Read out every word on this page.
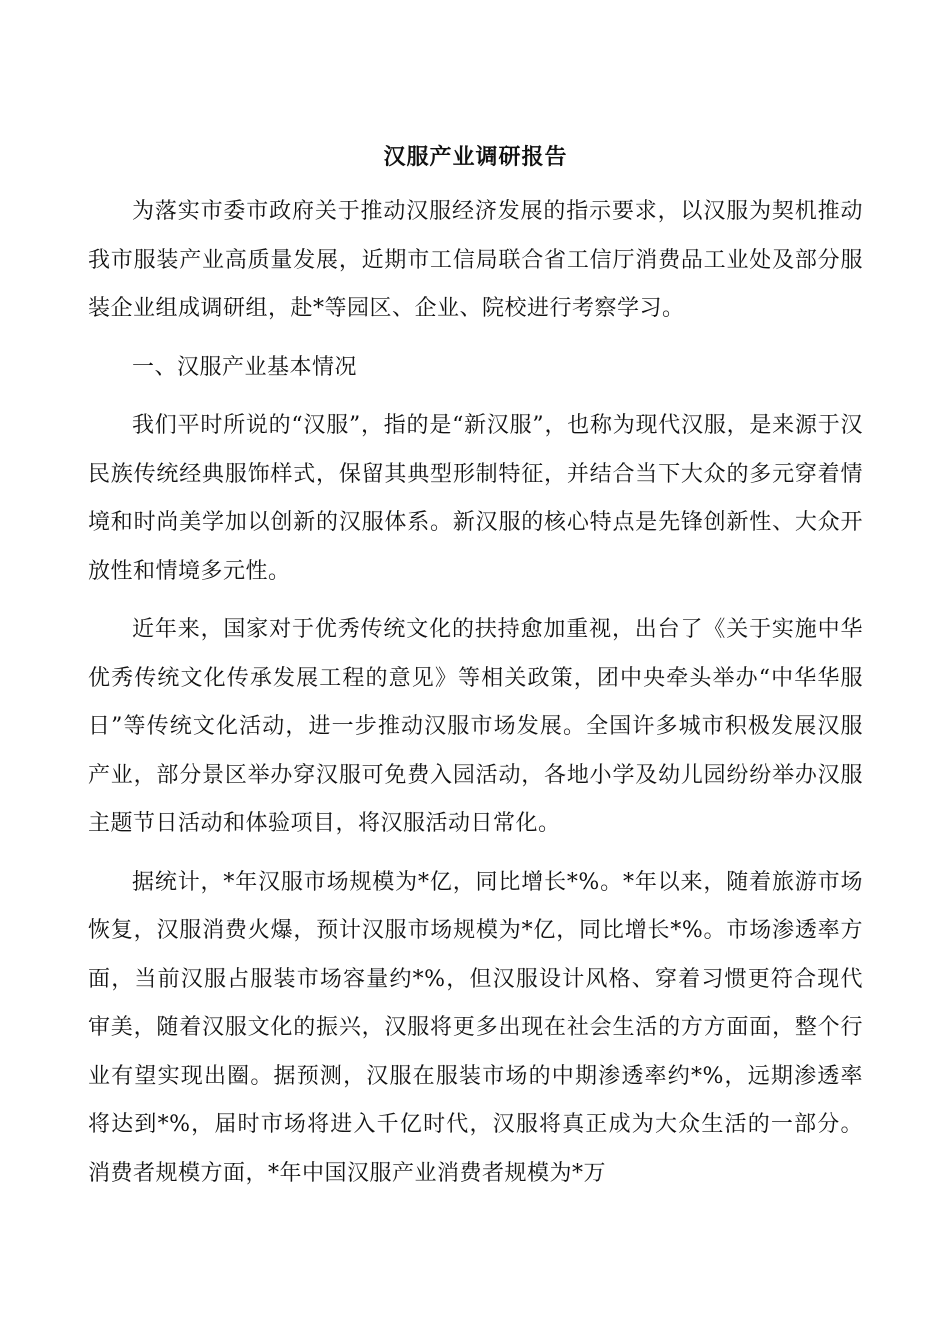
汉服产业调研报告

为落实市委市政府关于推动汉服经济发展的指示要求，以汉服为契机推动我市服装产业高质量发展，近期市工信局联合省工信厅消费品工业处及部分服装企业组成调研组，赴*等园区、企业、院校进行考察学习。

一、汉服产业基本情况

我们平时所说的“汉服”，指的是“新汉服”，也称为现代汉服，是来源于汉民族传统经典服饰样式，保留其典型形制特征，并结合当下大众的多元穿着情境和时尚美学加以创新的汉服体系。新汉服的核心特点是先锋创新性、大众开放性和情境多元性。

近年来，国家对于优秀传统文化的扶持愈加重视，出台了《关于实施中华优秀传统文化传承发展工程的意见》等相关政策，团中央牵头举办“中华华服日”等传统文化活动，进一步推动汉服市场发展。全国许多城市积极发展汉服产业，部分景区举办穿汉服可免费入园活动，各地小学及幼儿园纷纷举办汉服主题节日活动和体验项目，将汉服活动日常化。

据统计，*年汉服市场规模为*亿，同比增长*%。*年以来，随着旅游市场恢复，汉服消费火爆，预计汉服市场规模为*亿，同比增长*%。市场渗透率方面，当前汉服占服装市场容量约*%，但汉服设计风格、穿着习惯更符合现代审美，随着汉服文化的振兴，汉服将更多出现在社会生活的方方面面，整个行业有望实现出圈。据预测，汉服在服装市场的中期渗透率约*%，远期渗透率将达到*%，届时市场将进入千亿时代，汉服将真正成为大众生活的一部分。消费者规模方面，*年中国汉服产业消费者规模为*万
